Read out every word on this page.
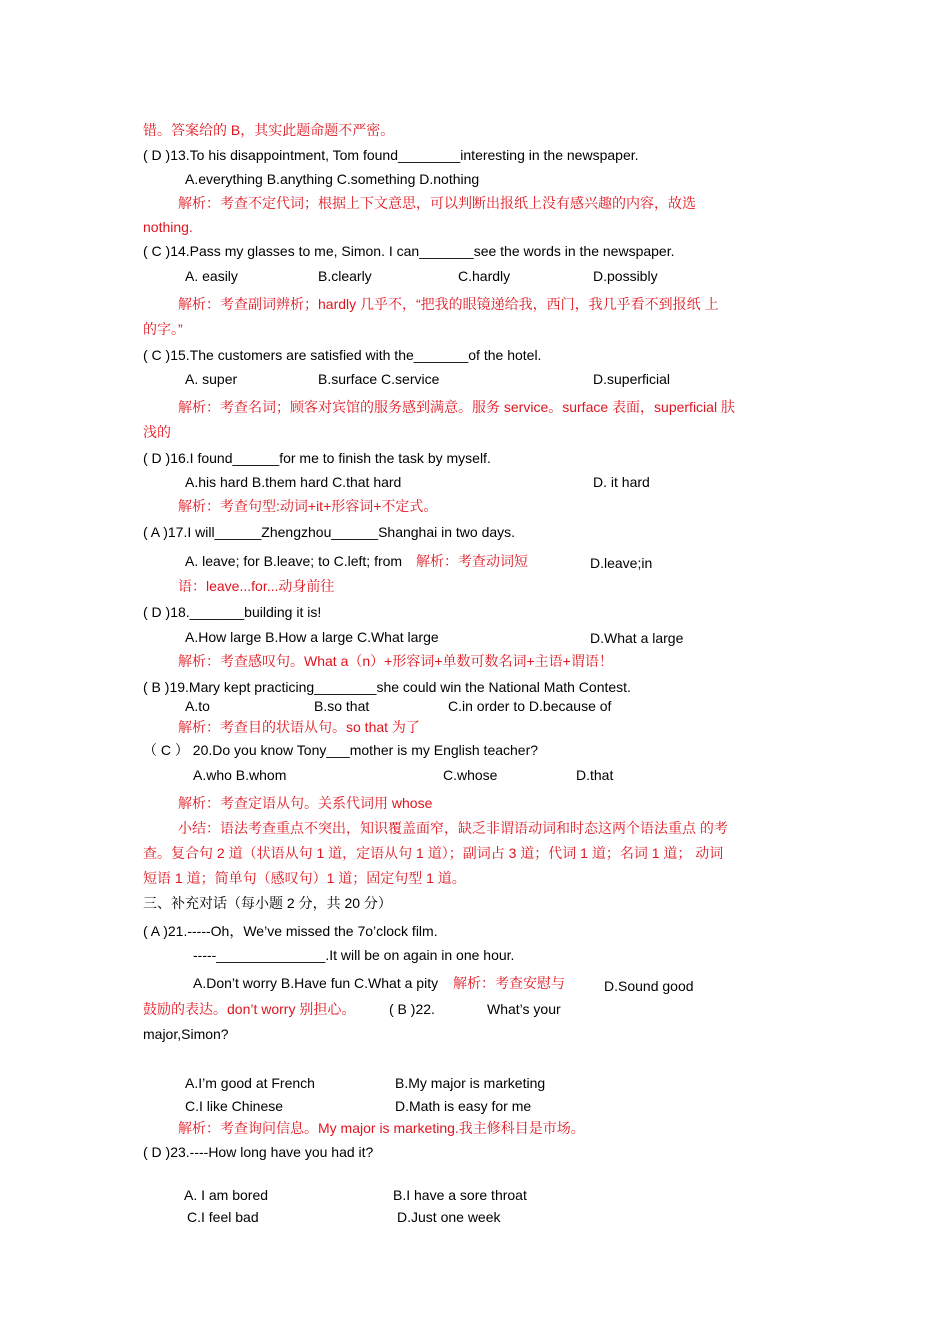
错。答案给的 B，其实此题命题不严密。
( D )13.To his disappointment, Tom found________interesting in the newspaper.
A.everything B.anything C.something D.nothing
解析：考查不定代词；根据上下文意思，可以判断出报纸上没有感兴趣的内容，故选
nothing.
( C )14.Pass my glasses to me, Simon. I can_______see the words in the newspaper.
A. easily	B.clearly	C.hardly	D.possibly
解析：考查副词辨析；hardly 几乎不，“把我的眼镜递给我，西门，我几乎看不到报纸 上
的字。”
( C )15.The customers are satisfied with the_______of the hotel.
A. super	B.surface C.service	D.superficial
解析：考查名词；顾客对宾馆的服务感到满意。服务 service。surface 表面，superficial 肤
浅的
( D )16.I found______for me to finish the task by myself.
A.his hard B.them hard C.that hard	D. it hard
解析：考查句型:动词+it+形容词+不定式。
( A )17.I will______Zhengzhou______Shanghai in two days.
A. leave; for B.leave; to C.left; from 解析：考查动词短	D.leave;in
语：leave...for...动身前往
( D )18._______building it is!
A.How large B.How a large C.What large	D.What a large
解析：考查感叹句。What a（n）+形容词+单数可数名词+主语+谓语！
( B )19.Mary kept practicing________she could win the National Math Contest.
A.to	B.so that	C.in order to D.because of
解析：考查目的状语从句。so that 为了
（ C ） 20.Do you know Tony___mother is my English teacher?
A.who B.whom	C.whose	D.that
解析：考查定语从句。关系代词用 whose
小结：语法考查重点不突出，知识覆盖面窄，缺乏非谓语动词和时态这两个语法重点 的考
查。复合句 2 道（状语从句 1 道，定语从句 1 道）；副词占 3 道；代词 1 道；名词 1 道； 动词
短语 1 道；简单句（感叹句）1 道；固定句型 1 道。
三、补充对话（每小题 2 分，共 20 分）
( A )21.-----Oh，We’ve missed the 7o’clock film.
-----______________.It will be on again in one hour.
A.Don’t worry B.Have fun C.What a pity 解析：考查安慰与	D.Sound good
鼓励的表达。don’t worry 别担心。 ( B )22.	What’s your
major,Simon?
A.I’m good at French	B.My major is marketing
C.I like Chinese	D.Math is easy for me
解析：考查询问信息。My major is marketing.我主修科目是市场。
( D )23.----How long have you had it?
A. I am bored	B.I have a sore throat
C.I feel bad	D.Just one week
